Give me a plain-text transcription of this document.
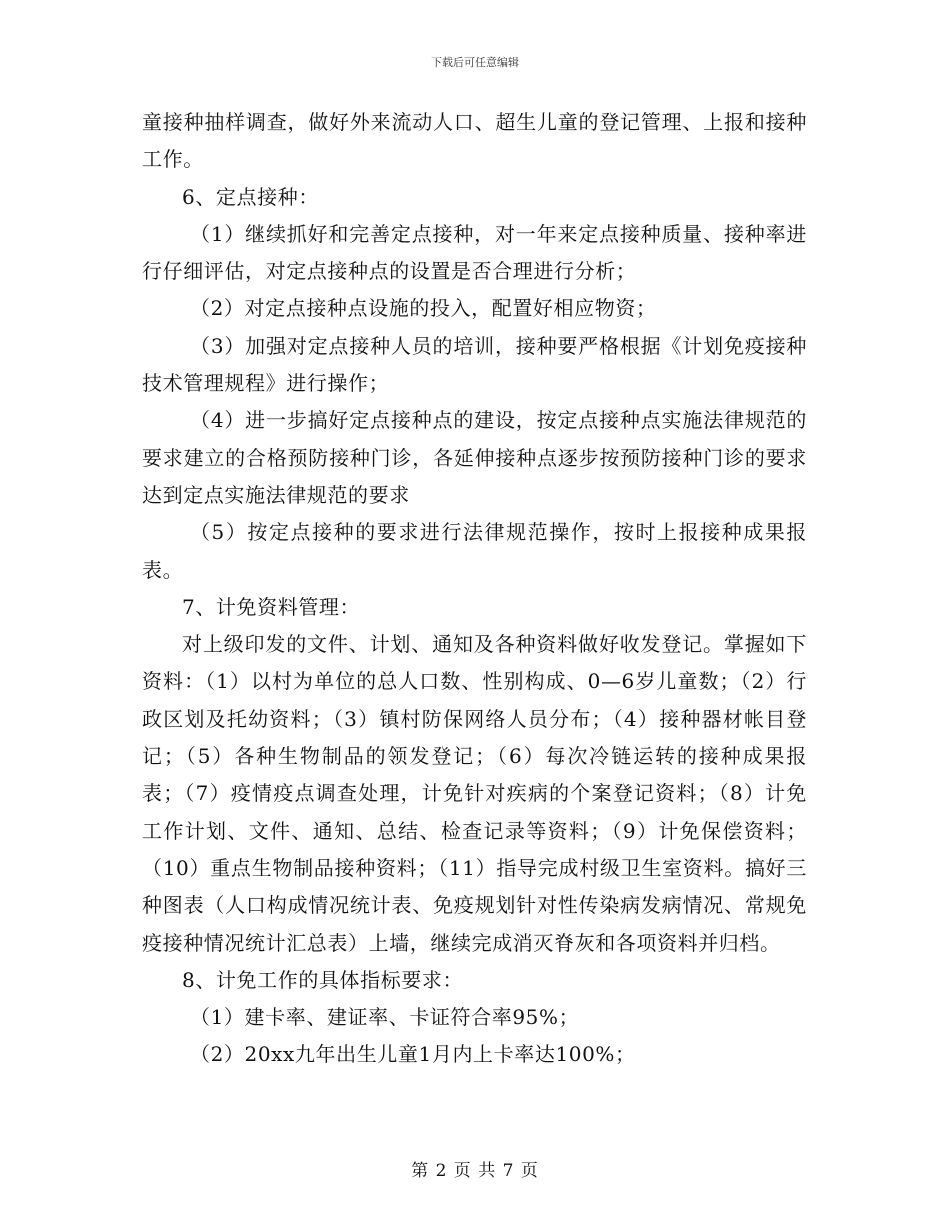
下载后可任意编辑

童接种抽样调查，做好外来流动人口、超生儿童的登记管理、上报和接种工作。

6、定点接种：

（1）继续抓好和完善定点接种，对一年来定点接种质量、接种率进行仔细评估，对定点接种点的设置是否合理进行分析；

（2）对定点接种点设施的投入，配置好相应物资；

（3）加强对定点接种人员的培训，接种要严格根据《计划免疫接种技术管理规程》进行操作；

（4）进一步搞好定点接种点的建设，按定点接种点实施法律规范的要求建立的合格预防接种门诊，各延伸接种点逐步按预防接种门诊的要求达到定点实施法律规范的要求

（5）按定点接种的要求进行法律规范操作，按时上报接种成果报表。

7、计免资料管理：

对上级印发的文件、计划、通知及各种资料做好收发登记。掌握如下资料：（1）以村为单位的总人口数、性别构成、0—6岁儿童数；（2）行政区划及托幼资料；（3）镇村防保网络人员分布；（4）接种器材帐目登记；（5）各种生物制品的领发登记；（6）每次冷链运转的接种成果报表；（7）疫情疫点调查处理，计免针对疾病的个案登记资料；（8）计免工作计划、文件、通知、总结、检查记录等资料；（9）计免保偿资料；（10）重点生物制品接种资料；（11）指导完成村级卫生室资料。搞好三种图表（人口构成情况统计表、免疫规划针对性传染病发病情况、常规免疫接种情况统计汇总表）上墙，继续完成消灭脊灰和各项资料并归档。

8、计免工作的具体指标要求：

（1）建卡率、建证率、卡证符合率95%；

（2）20xx九年出生儿童1月内上卡率达100%；

第 2 页 共 7 页
